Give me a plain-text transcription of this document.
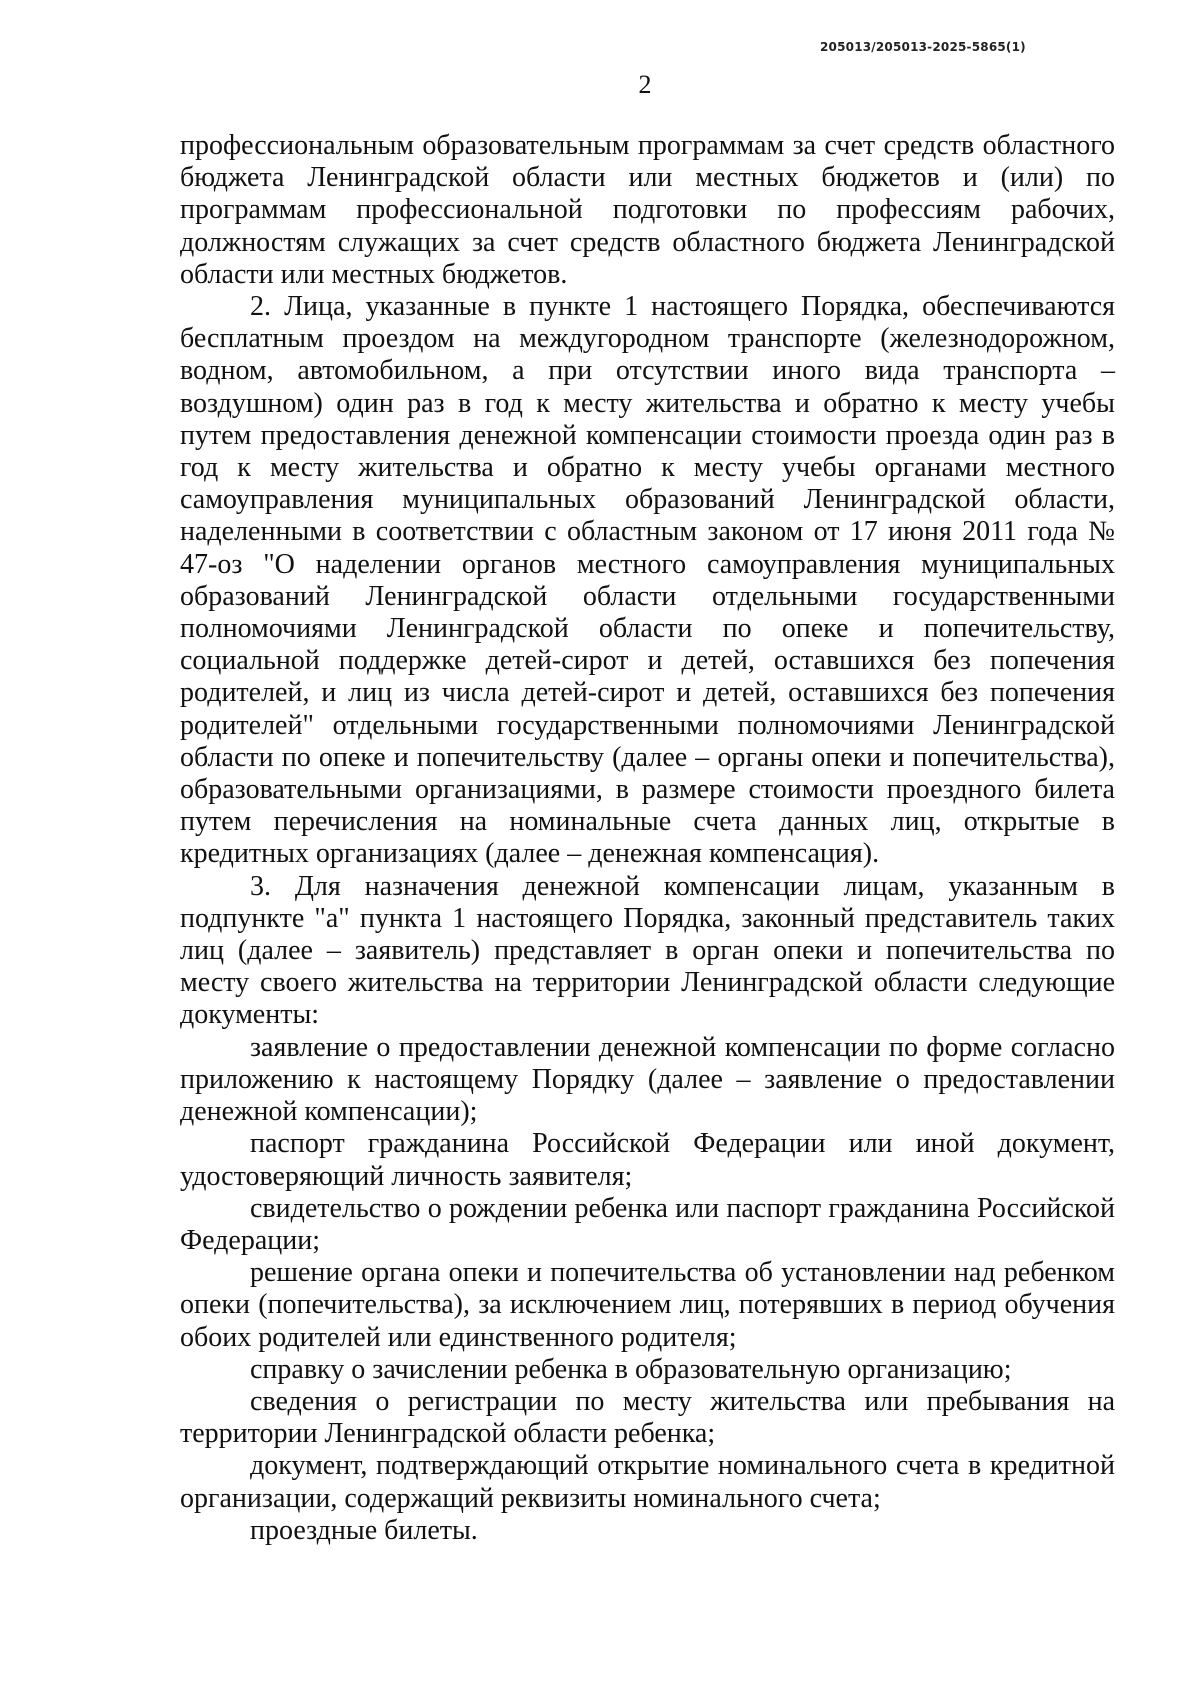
205013/205013-2025-5865(1)
2

профессиональным образовательным программам за счет средств областного бюджета Ленинградской области или местных бюджетов и (или) по программам профессиональной подготовки по профессиям рабочих, должностям служащих за счет средств областного бюджета Ленинградской области или местных бюджетов.

2. Лица, указанные в пункте 1 настоящего Порядка, обеспечиваются бесплатным проездом на междугородном транспорте (железнодорожном, водном, автомобильном, а при отсутствии иного вида транспорта – воздушном) один раз в год к месту жительства и обратно к месту учебы путем предоставления денежной компенсации стоимости проезда один раз в год к месту жительства и обратно к месту учебы органами местного самоуправления муниципальных образований Ленинградской области, наделенными в соответствии с областным законом от 17 июня 2011 года № 47-оз "О наделении органов местного самоуправления муниципальных образований Ленинградской области отдельными государственными полномочиями Ленинградской области по опеке и попечительству, социальной поддержке детей-сирот и детей, оставшихся без попечения родителей, и лиц из числа детей-сирот и детей, оставшихся без попечения родителей" отдельными государственными полномочиями Ленинградской области по опеке и попечительству (далее – органы опеки и попечительства), образовательными организациями, в размере стоимости проездного билета путем перечисления на номинальные счета данных лиц, открытые в кредитных организациях (далее – денежная компенсация).

3. Для назначения денежной компенсации лицам, указанным в подпункте "а" пункта 1 настоящего Порядка, законный представитель таких лиц (далее – заявитель) представляет в орган опеки и попечительства по месту своего жительства на территории Ленинградской области следующие документы:

заявление о предоставлении денежной компенсации по форме согласно приложению к настоящему Порядку (далее – заявление о предоставлении денежной компенсации);

паспорт гражданина Российской Федерации или иной документ, удостоверяющий личность заявителя;

свидетельство о рождении ребенка или паспорт гражданина Российской Федерации;

решение органа опеки и попечительства об установлении над ребенком опеки (попечительства), за исключением лиц, потерявших в период обучения обоих родителей или единственного родителя;

справку о зачислении ребенка в образовательную организацию;

сведения о регистрации по месту жительства или пребывания на территории Ленинградской области ребенка;

документ, подтверждающий открытие номинального счета в кредитной организации, содержащий реквизиты номинального счета;

проездные билеты.
